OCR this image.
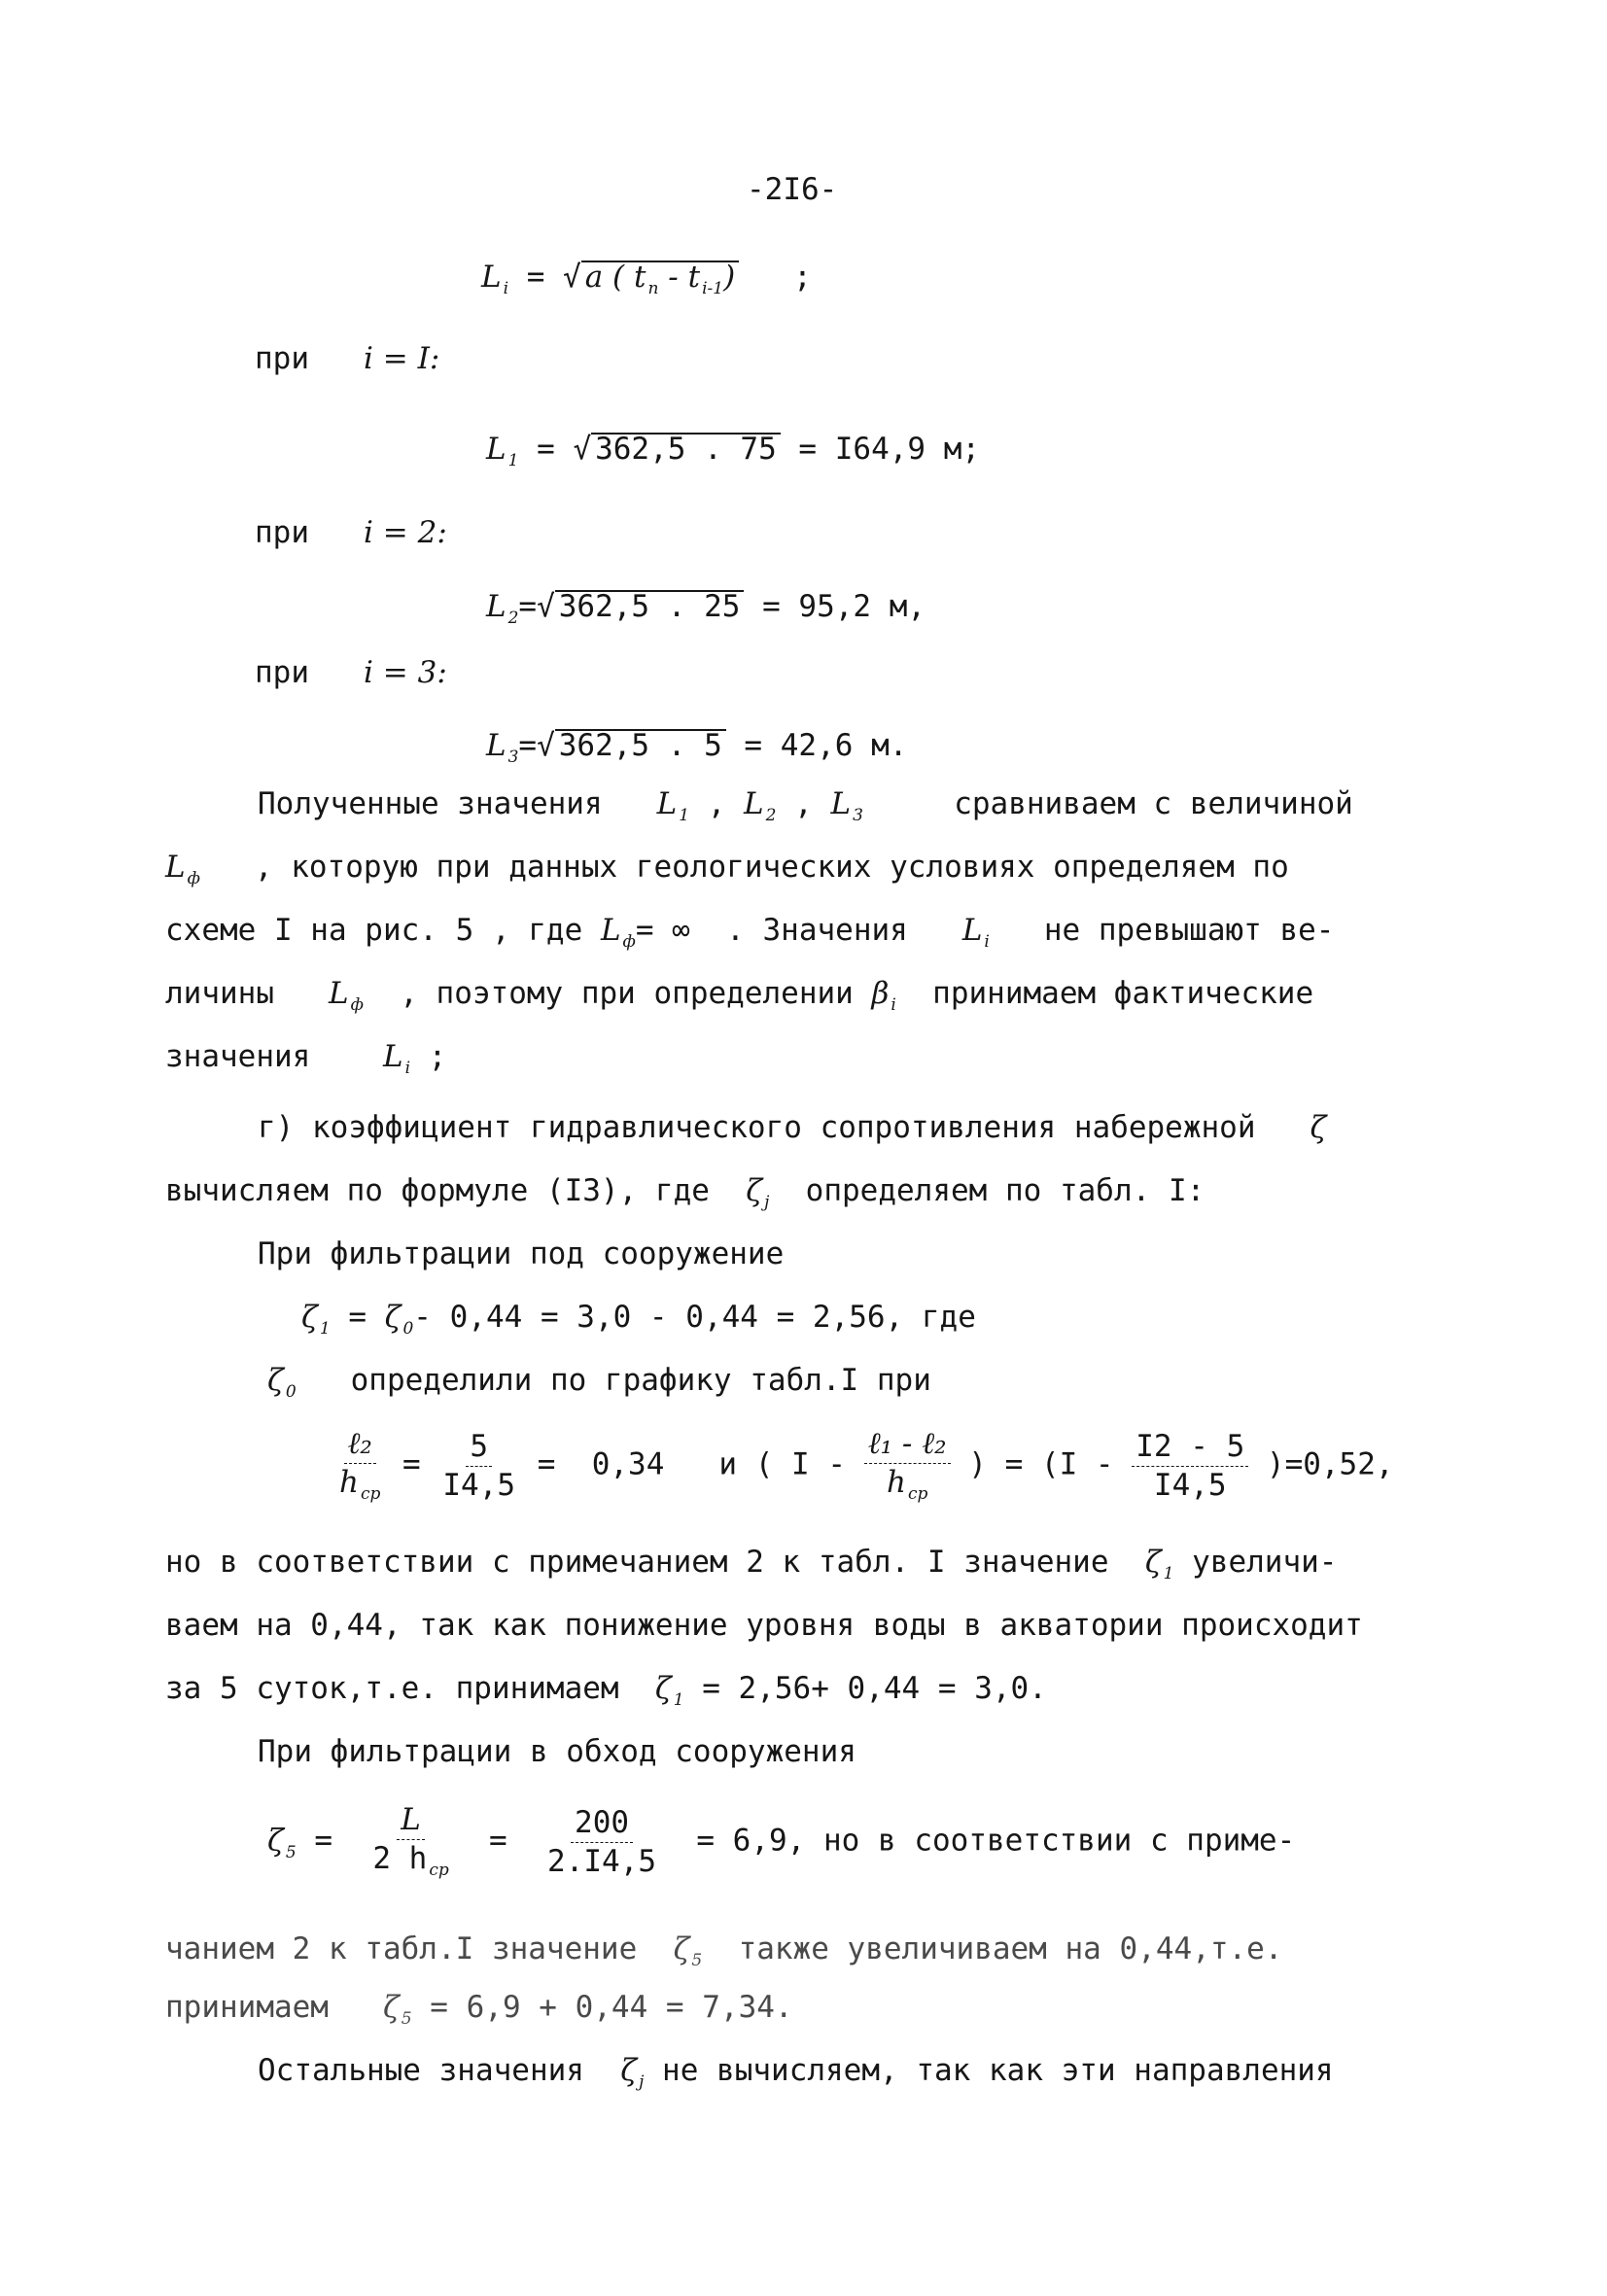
-2I6-
L $_i$ = √ a ( t $_n$ - t $_{i-1}$) ;
при i = I:
L $_1$ = √ 362,5 . 75 = I64,9 м;
при i = 2:
L $_2$=√ 362,5 . 25 = 95,2 м,
при i = 3:
L $_3$=√ 362,5 . 5 = 42,6 м.
Полученные значения L $_1$ , L $_2$ , L $_3$	сравниваем с величиной
L $_ф$ , которую при данных геологических условиях определяем по
схеме I на рис. 5 , где L $_ф$= ∞ . Значения L $_i$ не превышают ве-
личины L $_ф$ , поэтому при определении β $_i$ принимаем фактические
значения L $_i$ ;
г) коэффициент гидравлического сопротивления набережной ζ
вычисляем по формуле (I3), где ζ $_j$ определяем по табл. I:
При фильтрации под сооружение
ζ $_1$ = ζ $_0$- 0,44 = 3,0 - 0,44 = 2,56, где
ζ $_0$ определили по графику табл.I при
$\frac{\text{ℓ₂}}{h _{ср}} = \frac{5}{I4,5} = 0,34$ и ( I - $\frac{\text{ℓ₁ - ℓ₂}}{h _{ср}}$ ) = $(I - \frac{I2 - 5}{I4,5} )=0,52$,
но в соответствии с примечанием 2 к табл. I значение ζ $_1$ увеличи-
ваем на 0,44, так как понижение уровня воды в акватории происходит
за 5 суток,т.е. принимаем ζ $_1$ = 2,56+ 0,44 = 3,0.
При фильтрации в обход сооружения
ζ $_5 = \frac{L}{2 h _{ср}} = \frac{200}{2.I4,5} = 6,9$, но в соответствии с приме-
чанием 2 к табл.I значение ζ $_5$ также увеличиваем на 0,44,т.е.
принимаем ζ $_5$ = 6,9 + 0,44 = 7,34.
Остальные значения ζ $_j$ не вычисляем, так как эти направления
